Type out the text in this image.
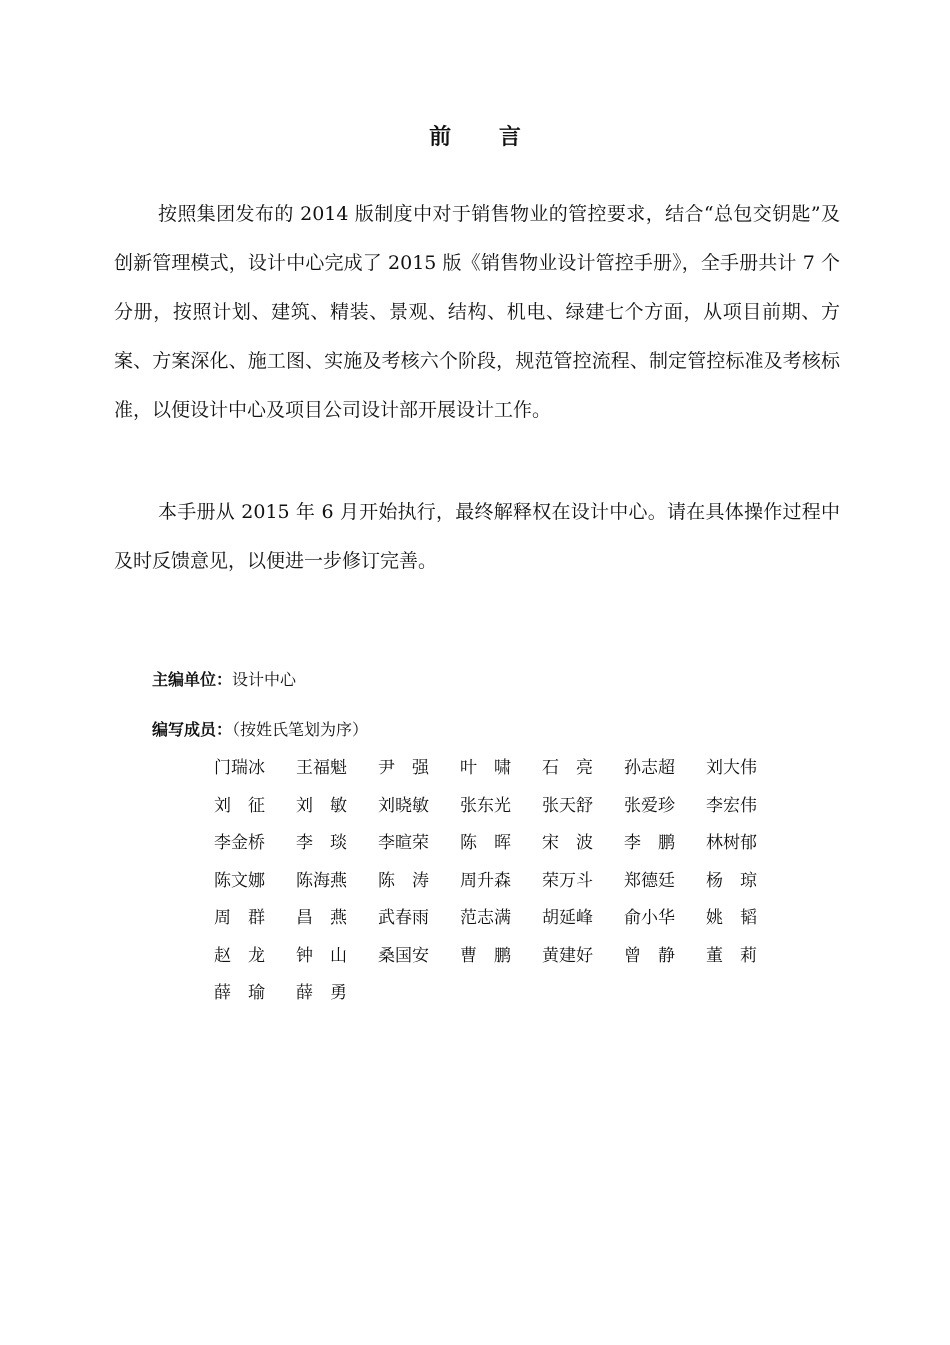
前 言

按照集团发布的 2014 版制度中对于销售物业的管控要求，结合“总包交钥匙”及创新管理模式，设计中心完成了 2015 版《销售物业设计管控手册》，全手册共计 7 个分册，按照计划、建筑、精装、景观、结构、机电、绿建七个方面，从项目前期、方案、方案深化、施工图、实施及考核六个阶段，规范管控流程、制定管控标准及考核标准，以便设计中心及项目公司设计部开展设计工作。

本手册从 2015 年 6 月开始执行，最终解释权在设计中心。请在具体操作过程中及时反馈意见，以便进一步修订完善。

主编单位：设计中心
编写成员：（按姓氏笔划为序）
门瑞冰	王福魁	尹　强	叶　啸	石　亮	孙志超	刘大伟
刘　征	刘　敏	刘晓敏	张东光	张天舒	张爱珍	李宏伟
李金桥	李　琰	李暄荣	陈　晖	宋　波	李　鹏	林树郁
陈文娜	陈海燕	陈　涛	周升森	荣万斗	郑德廷	杨　琼
周　群	昌　燕	武春雨	范志满	胡延峰	俞小华	姚　韬
赵　龙	钟　山	桑国安	曹　鹏	黄建好	曾　静	董　莉
薛　瑜	薛　勇
